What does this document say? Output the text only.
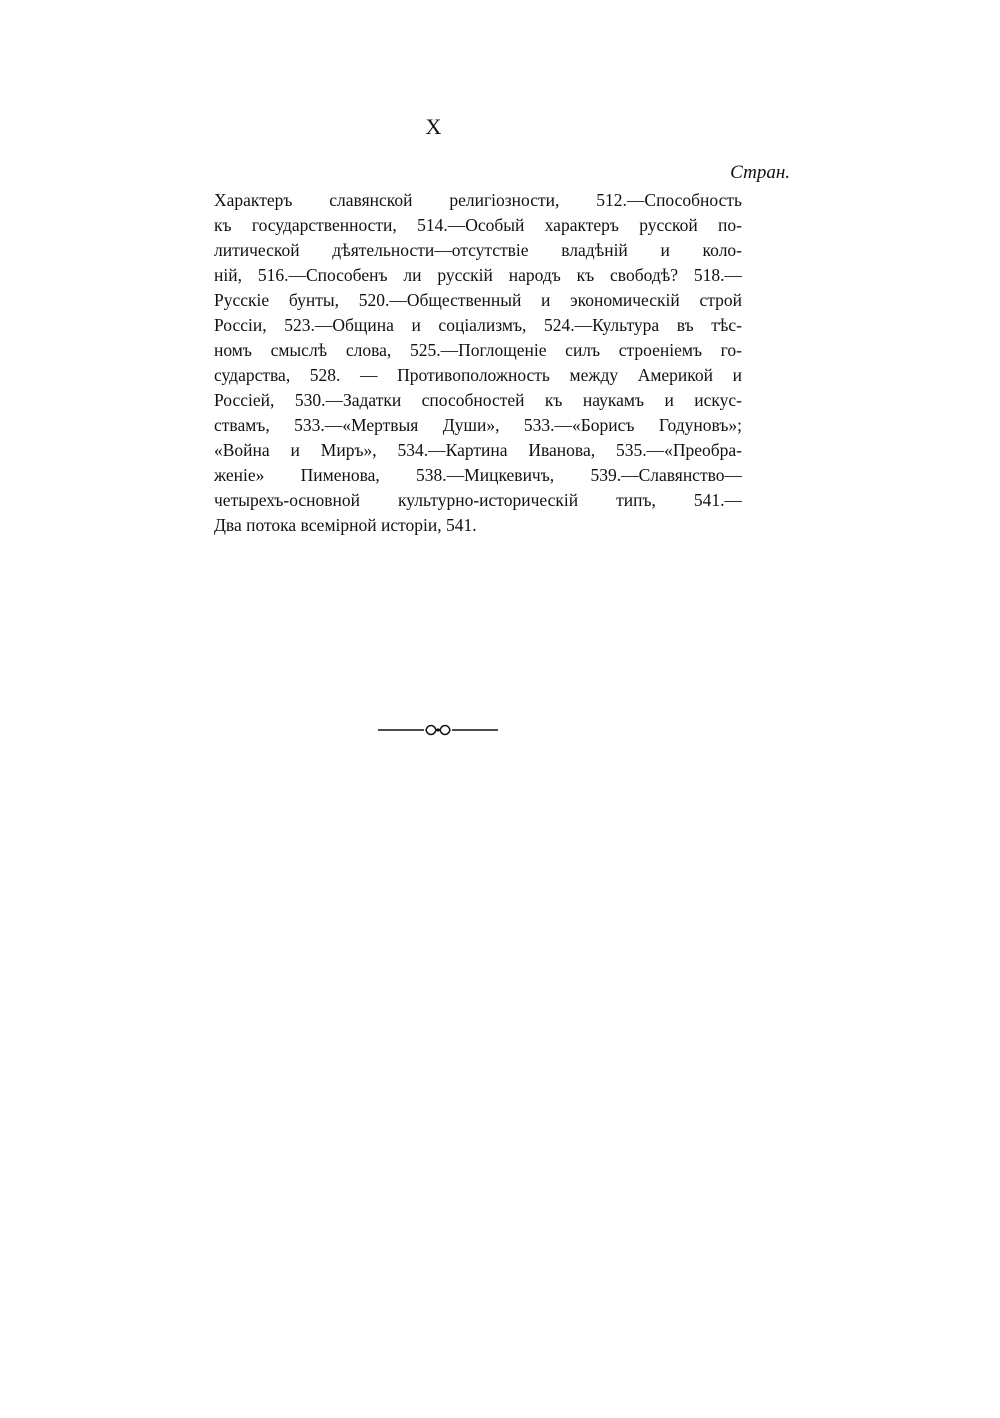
X
Стран.
Характеръ славянской религіозности, 512.—Способность
къ государственности, 514.—Особый характеръ русской по-
литической дѣятельности—отсутствіе владѣній и коло-
ній, 516.—Способенъ ли русскій народъ къ свободѣ? 518.—
Русскіе бунты, 520.—Общественный и экономическій строй
Россіи, 523.—Община и соціализмъ, 524.—Культура въ тѣс-
номъ смыслѣ слова, 525.—Поглощеніе силъ строеніемъ го-
сударства, 528. — Противоположность между Америкой и
Россіей, 530.—Задатки способностей къ наукамъ и искус-
ствамъ, 533.—«Мертвыя Души», 533.—«Борисъ Годуновъ»;
«Война и Миръ», 534.—Картина Иванова, 535.—«Преобра-
женіе» Пименова, 538.—Мицкевичъ, 539.—Славянство—
четырехъ-основной культурно-историческій типъ, 541.—
Два потока всемірной исторіи, 541.
